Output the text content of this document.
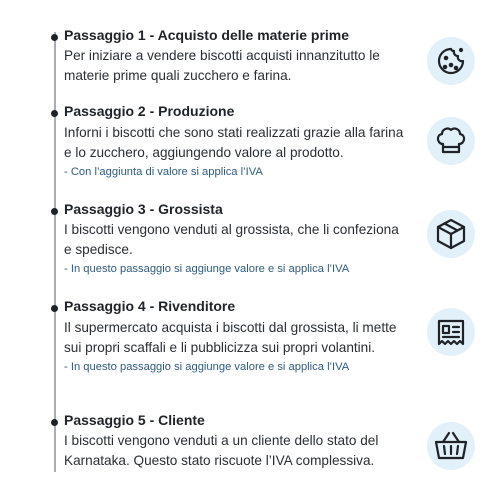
Passaggio 1 - Acquisto delle materie prime
Per iniziare a vendere biscotti acquisti innanzitutto le materie prime quali zucchero e farina.
Passaggio 2 - Produzione
Inforni i biscotti che sono stati realizzati grazie alla farina e lo zucchero, aggiungendo valore al prodotto.
- Con l’aggiunta di valore si applica l’IVA
Passaggio 3 - Grossista
I biscotti vengono venduti al grossista, che li confeziona e spedisce.
- In questo passaggio si aggiunge valore e si applica l’IVA
Passaggio 4 - Rivenditore
Il supermercato acquista i biscotti dal grossista, li mette sui propri scaffali e li pubblicizza sui propri volantini.
- In questo passaggio si aggiunge valore e si applica l’IVA
Passaggio 5 - Cliente
I biscotti vengono venduti a un cliente dello stato del Karnataka. Questo stato riscuote l’IVA complessiva.
